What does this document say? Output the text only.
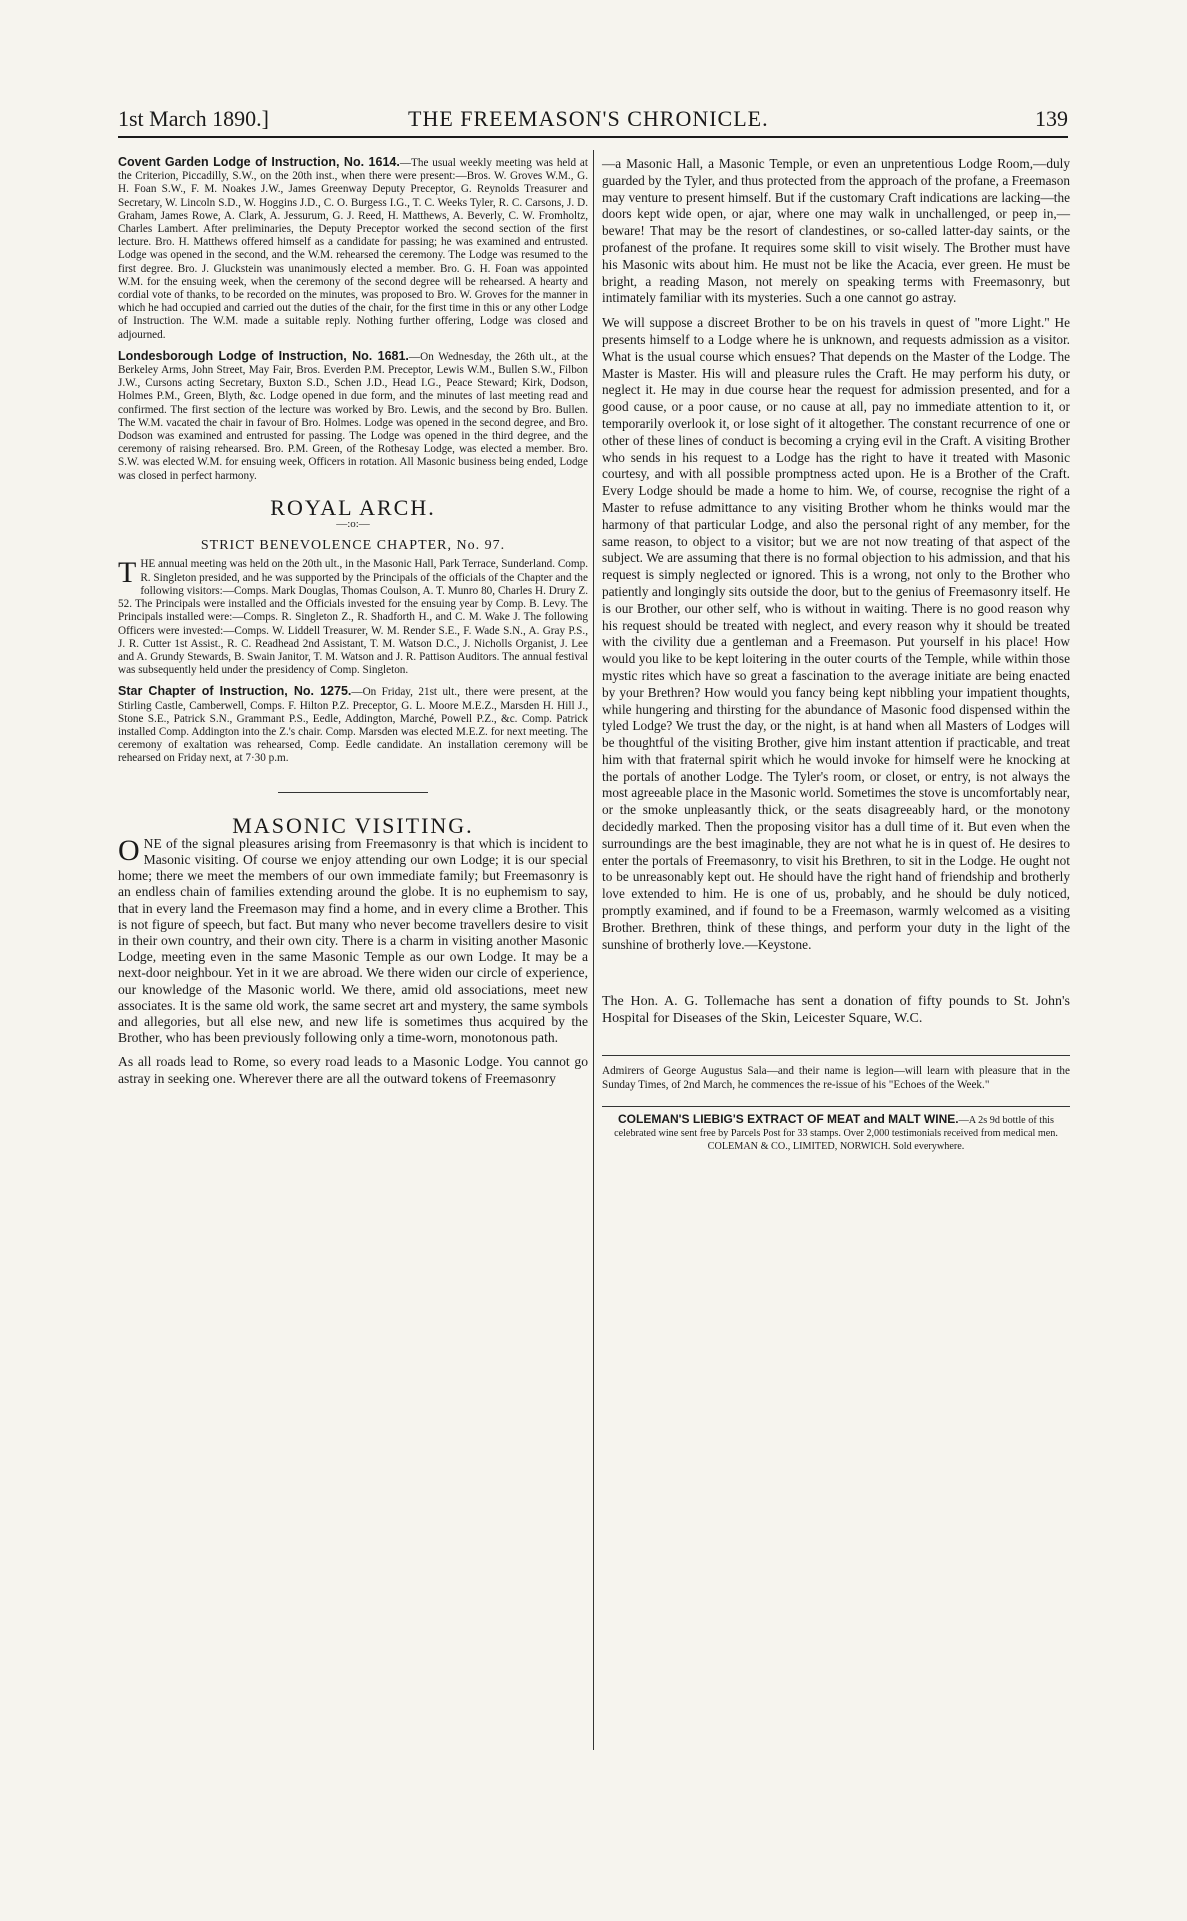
1st March 1890.]	THE FREEMASON'S CHRONICLE.	139

Covent Garden Lodge of Instruction, No. 1614.—The usual weekly meeting was held at the Criterion, Piccadilly, S.W., on the 20th inst., when there were present:—Bros. W. Groves W.M., G. H. Foan S.W., F. M. Noakes J.W., James Greenway Deputy Preceptor, G. Reynolds Treasurer and Secretary, W. Lincoln S.D., W. Hoggins J.D., C. O. Burgess I.G., T. C. Weeks Tyler, R. C. Carsons, J. D. Graham, James Rowe, A. Clark, A. Jessurum, G. J. Reed, H. Matthews, A. Beverly, C. W. Fromholtz, Charles Lambert. After preliminaries, the Deputy Preceptor worked the second section of the first lecture. Bro. H. Matthews offered himself as a candidate for passing; he was examined and entrusted. Lodge was opened in the second, and the W.M. rehearsed the ceremony. The Lodge was resumed to the first degree. Bro. J. Gluckstein was unanimously elected a member. Bro. G. H. Foan was appointed W.M. for the ensuing week, when the ceremony of the second degree will be rehearsed. A hearty and cordial vote of thanks, to be recorded on the minutes, was proposed to Bro. W. Groves for the manner in which he had occupied and carried out the duties of the chair, for the first time in this or any other Lodge of Instruction. The W.M. made a suitable reply. Nothing further offering, Lodge was closed and adjourned.

Londesborough Lodge of Instruction, No. 1681.—On Wednesday, the 26th ult., at the Berkeley Arms, John Street, May Fair, Bros. Everden P.M. Preceptor, Lewis W.M., Bullen S.W., Filbon J.W., Cursons acting Secretary, Buxton S.D., Schen J.D., Head I.G., Peace Steward; Kirk, Dodson, Holmes P.M., Green, Blyth, &c. Lodge opened in due form, and the minutes of last meeting read and confirmed. The first section of the lecture was worked by Bro. Lewis, and the second by Bro. Bullen. The W.M. vacated the chair in favour of Bro. Holmes. Lodge was opened in the second degree, and Bro. Dodson was examined and entrusted for passing. The Lodge was opened in the third degree, and the ceremony of raising rehearsed. Bro. P.M. Green, of the Rothesay Lodge, was elected a member. Bro. S.W. was elected W.M. for ensuing week, Officers in rotation. All Masonic business being ended, Lodge was closed in perfect harmony.

ROYAL ARCH.
—:o:—
STRICT BENEVOLENCE CHAPTER, No. 97.

THE annual meeting was held on the 20th ult., in the Masonic Hall, Park Terrace, Sunderland. Comp. R. Singleton presided, and he was supported by the Principals of the officials of the Chapter and the following visitors:—Comps. Mark Douglas, Thomas Coulson, A. T. Munro 80, Charles H. Drury Z. 52. The Principals were installed and the Officials invested for the ensuing year by Comp. B. Levy. The Principals installed were:—Comps. R. Singleton Z., R. Shadforth H., and C. M. Wake J. The following Officers were invested:—Comps. W. Liddell Treasurer, W. M. Render S.E., F. Wade S.N., A. Gray P.S., J. R. Cutter 1st Assist., R. C. Readhead 2nd Assistant, T. M. Watson D.C., J. Nicholls Organist, J. Lee and A. Grundy Stewards, B. Swain Janitor, T. M. Watson and J. R. Pattison Auditors. The annual festival was subsequently held under the presidency of Comp. Singleton.

Star Chapter of Instruction, No. 1275.—On Friday, 21st ult., there were present, at the Stirling Castle, Camberwell, Comps. F. Hilton P.Z. Preceptor, G. L. Moore M.E.Z., Marsden H. Hill J., Stone S.E., Patrick S.N., Grammant P.S., Eedle, Addington, Marché, Powell P.Z., &c. Comp. Patrick installed Comp. Addington into the Z.'s chair. Comp. Marsden was elected M.E.Z. for next meeting. The ceremony of exaltation was rehearsed, Comp. Eedle candidate. An installation ceremony will be rehearsed on Friday next, at 7·30 p.m.

MASONIC VISITING.

ONE of the signal pleasures arising from Freemasonry is that which is incident to Masonic visiting. Of course we enjoy attending our own Lodge; it is our special home; there we meet the members of our own immediate family; but Freemasonry is an endless chain of families extending around the globe. It is no euphemism to say, that in every land the Freemason may find a home, and in every clime a Brother. This is not figure of speech, but fact. But many who never become travellers desire to visit in their own country, and their own city. There is a charm in visiting another Masonic Lodge, meeting even in the same Masonic Temple as our own Lodge. It may be a next-door neighbour. Yet in it we are abroad. We there widen our circle of experience, our knowledge of the Masonic world. We there, amid old associations, meet new associates. It is the same old work, the same secret art and mystery, the same symbols and allegories, but all else new, and new life is sometimes thus acquired by the Brother, who has been previously following only a time-worn, monotonous path.

As all roads lead to Rome, so every road leads to a Masonic Lodge. You cannot go astray in seeking one. Wherever there are all the outward tokens of Freemasonry

—a Masonic Hall, a Masonic Temple, or even an unpretentious Lodge Room,—duly guarded by the Tyler, and thus protected from the approach of the profane, a Freemason may venture to present himself. But if the customary Craft indications are lacking—the doors kept wide open, or ajar, where one may walk in unchallenged, or peep in,—beware! That may be the resort of clandestines, or so-called latter-day saints, or the profanest of the profane. It requires some skill to visit wisely. The Brother must have his Masonic wits about him. He must not be like the Acacia, ever green. He must be bright, a reading Mason, not merely on speaking terms with Freemasonry, but intimately familiar with its mysteries. Such a one cannot go astray.

We will suppose a discreet Brother to be on his travels in quest of "more Light." He presents himself to a Lodge where he is unknown, and requests admission as a visitor. What is the usual course which ensues? That depends on the Master of the Lodge. The Master is Master. His will and pleasure rules the Craft. He may perform his duty, or neglect it. He may in due course hear the request for admission presented, and for a good cause, or a poor cause, or no cause at all, pay no immediate attention to it, or temporarily overlook it, or lose sight of it altogether. The constant recurrence of one or other of these lines of conduct is becoming a crying evil in the Craft. A visiting Brother who sends in his request to a Lodge has the right to have it treated with Masonic courtesy, and with all possible promptness acted upon. He is a Brother of the Craft. Every Lodge should be made a home to him. We, of course, recognise the right of a Master to refuse admittance to any visiting Brother whom he thinks would mar the harmony of that particular Lodge, and also the personal right of any member, for the same reason, to object to a visitor; but we are not now treating of that aspect of the subject. We are assuming that there is no formal objection to his admission, and that his request is simply neglected or ignored. This is a wrong, not only to the Brother who patiently and longingly sits outside the door, but to the genius of Freemasonry itself. He is our Brother, our other self, who is without in waiting. There is no good reason why his request should be treated with neglect, and every reason why it should be treated with the civility due a gentleman and a Freemason. Put yourself in his place! How would you like to be kept loitering in the outer courts of the Temple, while within those mystic rites which have so great a fascination to the average initiate are being enacted by your Brethren? How would you fancy being kept nibbling your impatient thoughts, while hungering and thirsting for the abundance of Masonic food dispensed within the tyled Lodge? We trust the day, or the night, is at hand when all Masters of Lodges will be thoughtful of the visiting Brother, give him instant attention if practicable, and treat him with that fraternal spirit which he would invoke for himself were he knocking at the portals of another Lodge. The Tyler's room, or closet, or entry, is not always the most agreeable place in the Masonic world. Sometimes the stove is uncomfortably near, or the smoke unpleasantly thick, or the seats disagreeably hard, or the monotony decidedly marked. Then the proposing visitor has a dull time of it. But even when the surroundings are the best imaginable, they are not what he is in quest of. He desires to enter the portals of Freemasonry, to visit his Brethren, to sit in the Lodge. He ought not to be unreasonably kept out. He should have the right hand of friendship and brotherly love extended to him. He is one of us, probably, and he should be duly noticed, promptly examined, and if found to be a Freemason, warmly welcomed as a visiting Brother. Brethren, think of these things, and perform your duty in the light of the sunshine of brotherly love.—Keystone.

The Hon. A. G. Tollemache has sent a donation of fifty pounds to St. John's Hospital for Diseases of the Skin, Leicester Square, W.C.

Admirers of George Augustus Sala—and their name is legion—will learn with pleasure that in the Sunday Times, of 2nd March, he commences the re-issue of his "Echoes of the Week."

COLEMAN'S LIEBIG'S EXTRACT OF MEAT and MALT WINE.—A 2s 9d bottle of this celebrated wine sent free by Parcels Post for 33 stamps. Over 2,000 testimonials received from medical men.
COLEMAN & CO., LIMITED, NORWICH. Sold everywhere.
